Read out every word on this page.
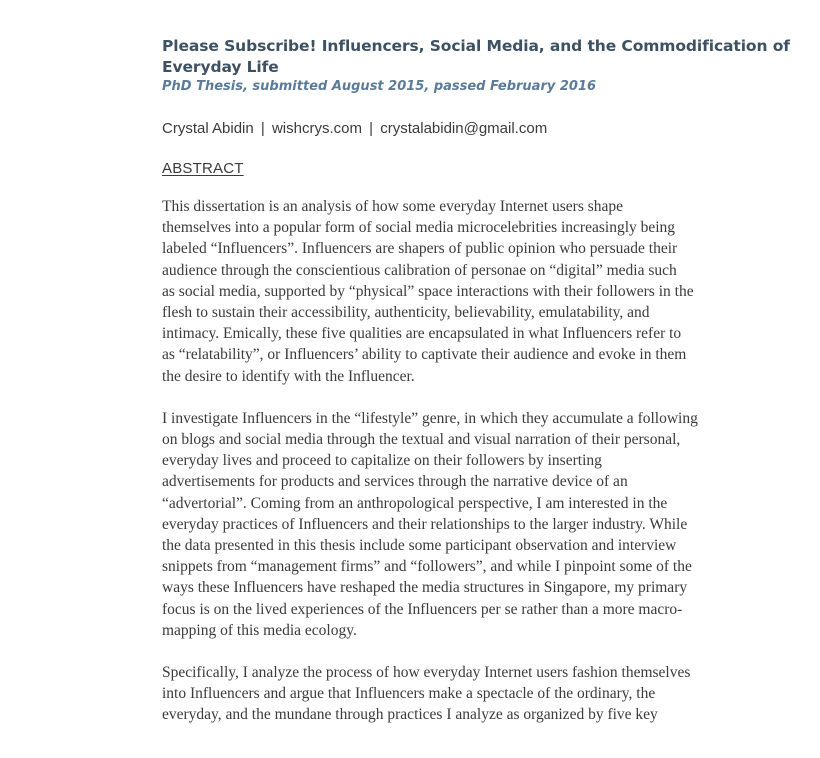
Please Subscribe! Influencers, Social Media, and the Commodification of Everyday Life

PhD Thesis, submitted August 2015, passed February 2016

Crystal Abidin | wishcrys.com | crystalabidin@gmail.com
ABSTRACT

This dissertation is an analysis of how some everyday Internet users shape
themselves into a popular form of social media microcelebrities increasingly being
labeled “Influencers”. Influencers are shapers of public opinion who persuade their
audience through the conscientious calibration of personae on “digital” media such
as social media, supported by “physical” space interactions with their followers in the
flesh to sustain their accessibility, authenticity, believability, emulatability, and
intimacy. Emically, these five qualities are encapsulated in what Influencers refer to
as “relatability”, or Influencers’ ability to captivate their audience and evoke in them
the desire to identify with the Influencer.

I investigate Influencers in the “lifestyle” genre, in which they accumulate a following
on blogs and social media through the textual and visual narration of their personal,
everyday lives and proceed to capitalize on their followers by inserting
advertisements for products and services through the narrative device of an
“advertorial”. Coming from an anthropological perspective, I am interested in the
everyday practices of Influencers and their relationships to the larger industry. While
the data presented in this thesis include some participant observation and interview
snippets from “management firms” and “followers”, and while I pinpoint some of the
ways these Influencers have reshaped the media structures in Singapore, my primary
focus is on the lived experiences of the Influencers per se rather than a more macro-
mapping of this media ecology.

Specifically, I analyze the process of how everyday Internet users fashion themselves
into Influencers and argue that Influencers make a spectacle of the ordinary, the
everyday, and the mundane through practices I analyze as organized by five key
